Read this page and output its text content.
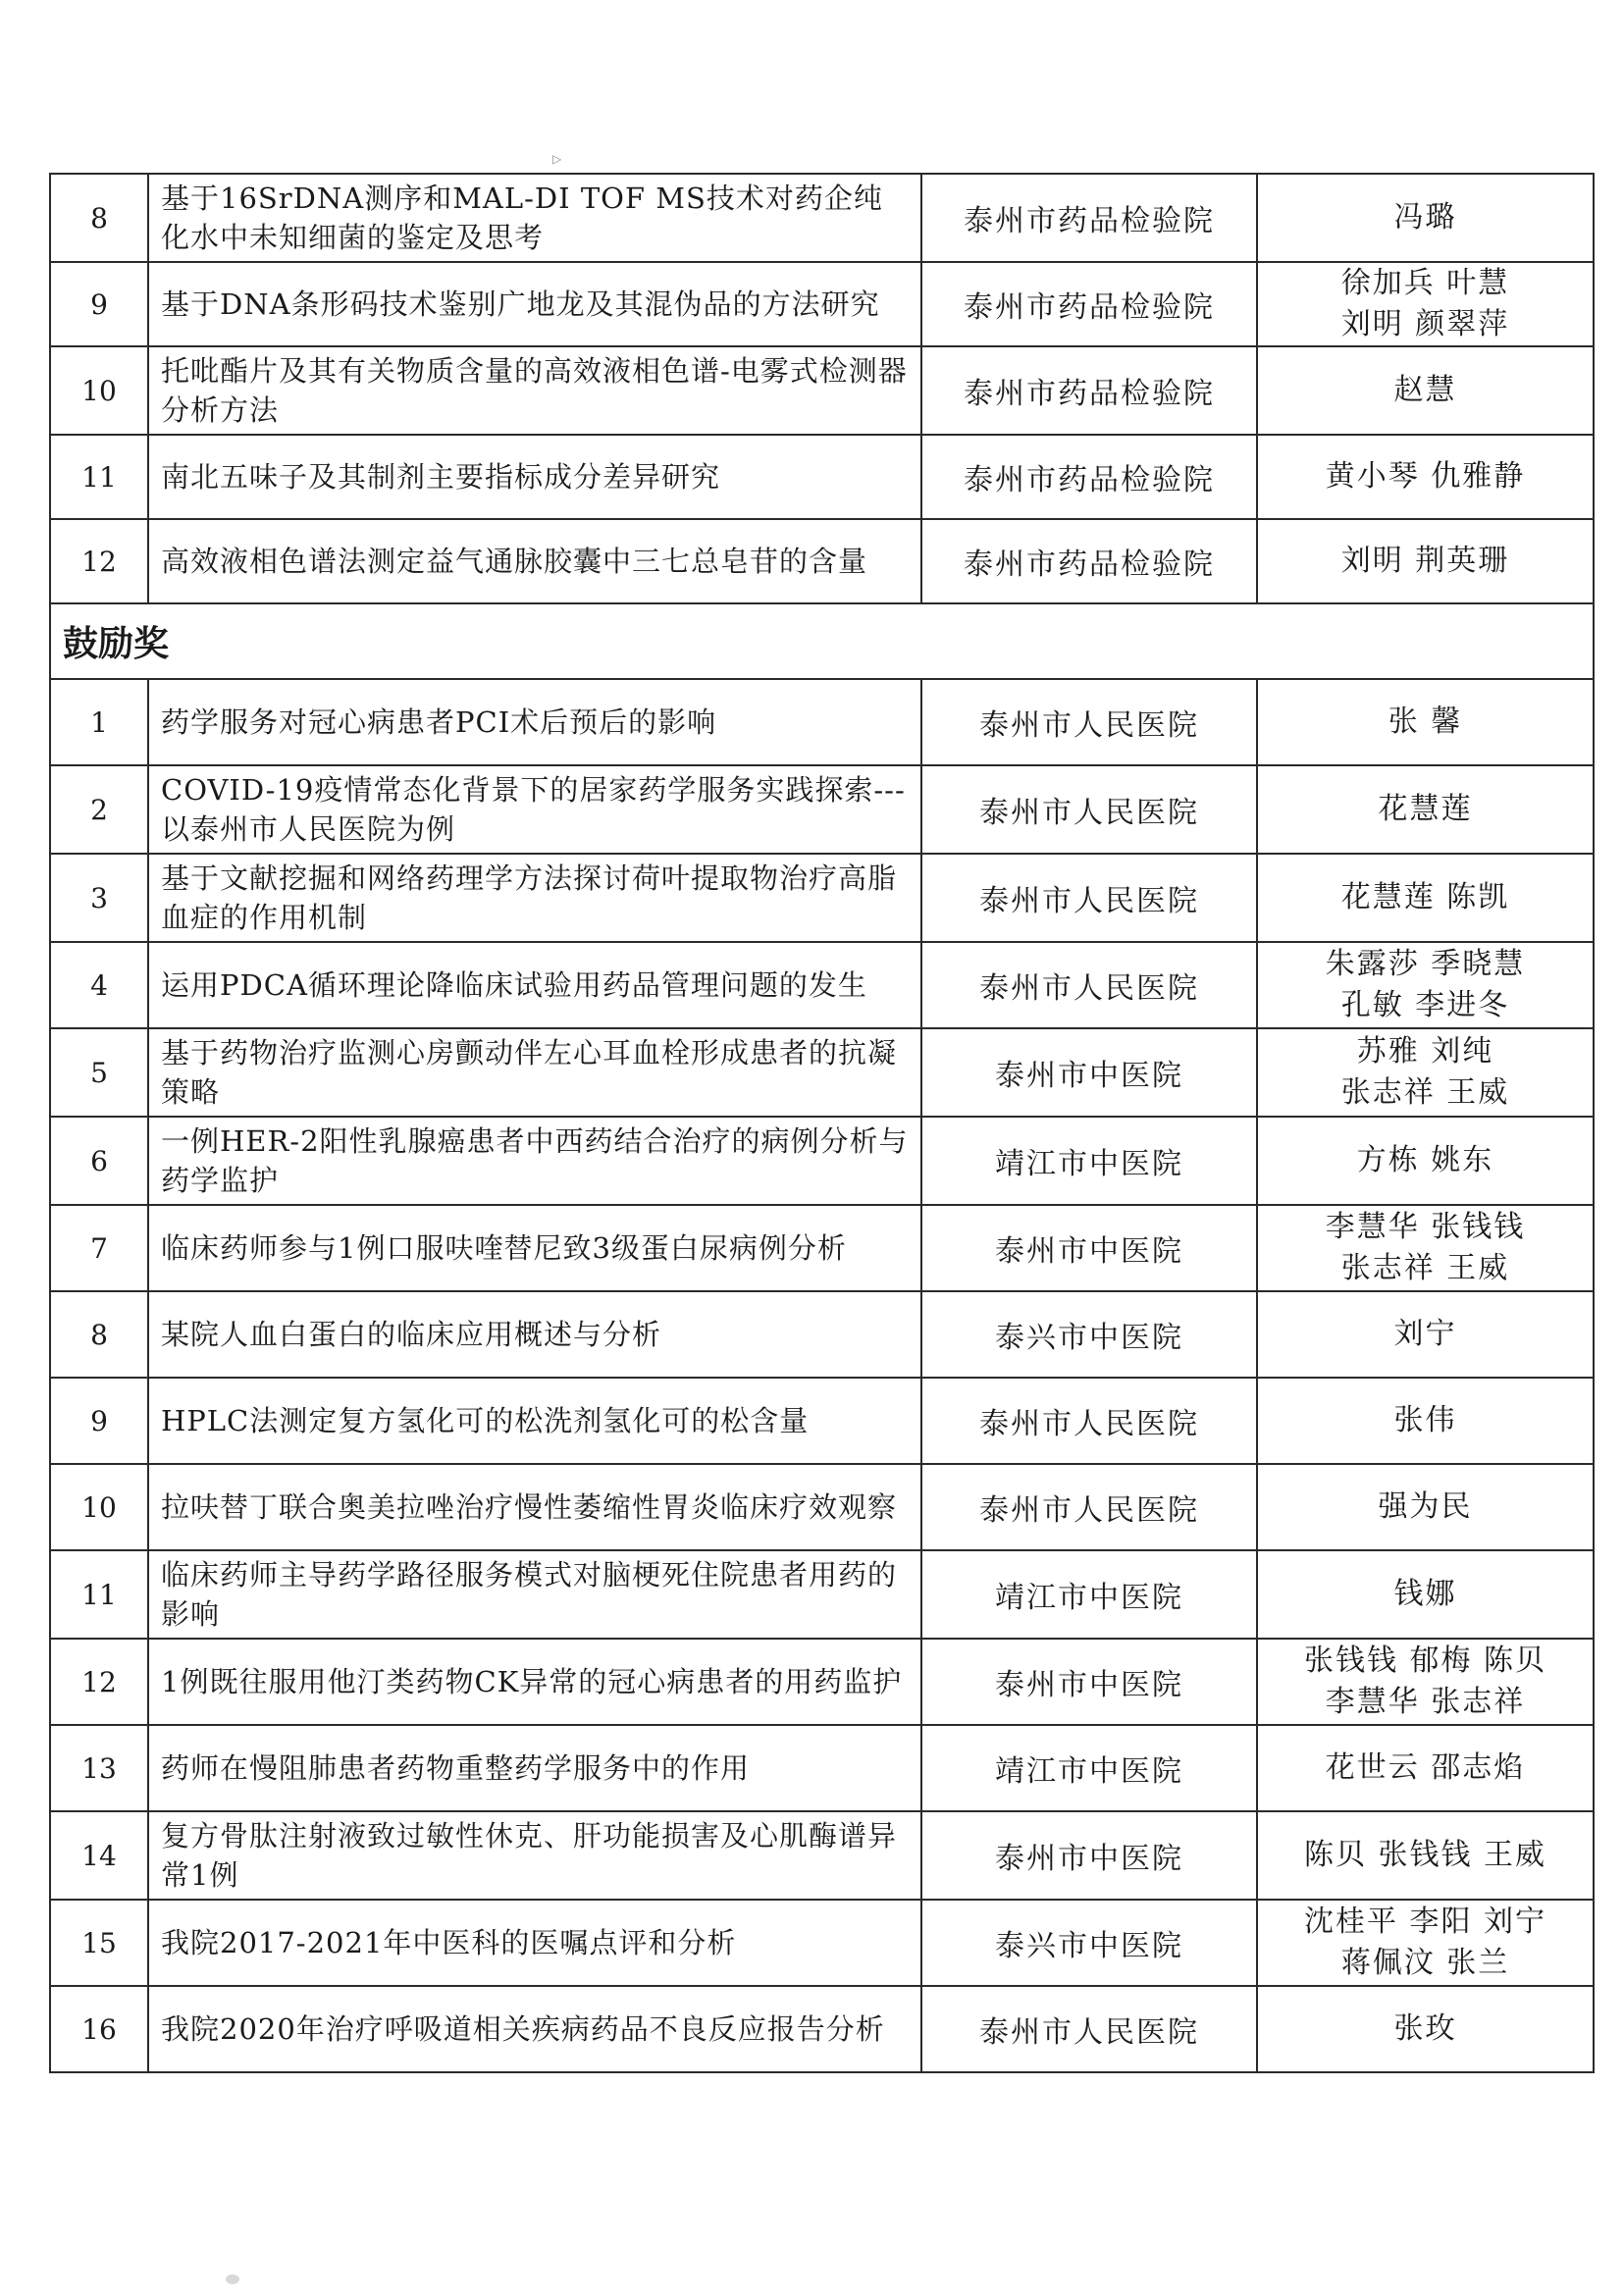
▷
8	基于16SrDNA测序和MAL-DI TOF MS技术对药企纯化水中未知细菌的鉴定及思考	泰州市药品检验院	冯璐

9	基于DNA条形码技术鉴别广地龙及其混伪品的方法研究	泰州市药品检验院	徐加兵 叶慧
刘明 颜翠萍

10	托吡酯片及其有关物质含量的高效液相色谱-电雾式检测器分析方法	泰州市药品检验院	赵慧

11	南北五味子及其制剂主要指标成分差异研究	泰州市药品检验院	黄小琴 仇雅静

12	高效液相色谱法测定益气通脉胶囊中三七总皂苷的含量	泰州市药品检验院	刘明 荆英珊

鼓励奖			
1	药学服务对冠心病患者PCI术后预后的影响	泰州市人民医院	张 馨

2	COVID-19疫情常态化背景下的居家药学服务实践探索---以泰州市人民医院为例	泰州市人民医院	花慧莲

3	基于文献挖掘和网络药理学方法探讨荷叶提取物治疗高脂血症的作用机制	泰州市人民医院	花慧莲 陈凯

4	运用PDCA循环理论降临床试验用药品管理问题的发生	泰州市人民医院	朱露莎 季晓慧
孔敏 李进冬

5	基于药物治疗监测心房颤动伴左心耳血栓形成患者的抗凝策略	泰州市中医院	苏雅 刘纯
张志祥 王威

6	一例HER-2阳性乳腺癌患者中西药结合治疗的病例分析与药学监护	靖江市中医院	方栋 姚东

7	临床药师参与1例口服呋喹替尼致3级蛋白尿病例分析	泰州市中医院	李慧华 张钱钱
张志祥 王威

8	某院人血白蛋白的临床应用概述与分析	泰兴市中医院	刘宁

9	HPLC法测定复方氢化可的松洗剂氢化可的松含量	泰州市人民医院	张伟

10	拉呋替丁联合奥美拉唑治疗慢性萎缩性胃炎临床疗效观察	泰州市人民医院	强为民

11	临床药师主导药学路径服务模式对脑梗死住院患者用药的影响	靖江市中医院	钱娜

12	1例既往服用他汀类药物CK异常的冠心病患者的用药监护	泰州市中医院	张钱钱 郁梅 陈贝
李慧华 张志祥

13	药师在慢阻肺患者药物重整药学服务中的作用	靖江市中医院	花世云 邵志焰

14	复方骨肽注射液致过敏性休克、肝功能损害及心肌酶谱异常1例	泰州市中医院	陈贝 张钱钱 王威

15	我院2017-2021年中医科的医嘱点评和分析	泰兴市中医院	沈桂平 李阳 刘宁
蒋佩汶 张兰

16	我院2020年治疗呼吸道相关疾病药品不良反应报告分析	泰州市人民医院	张玫
